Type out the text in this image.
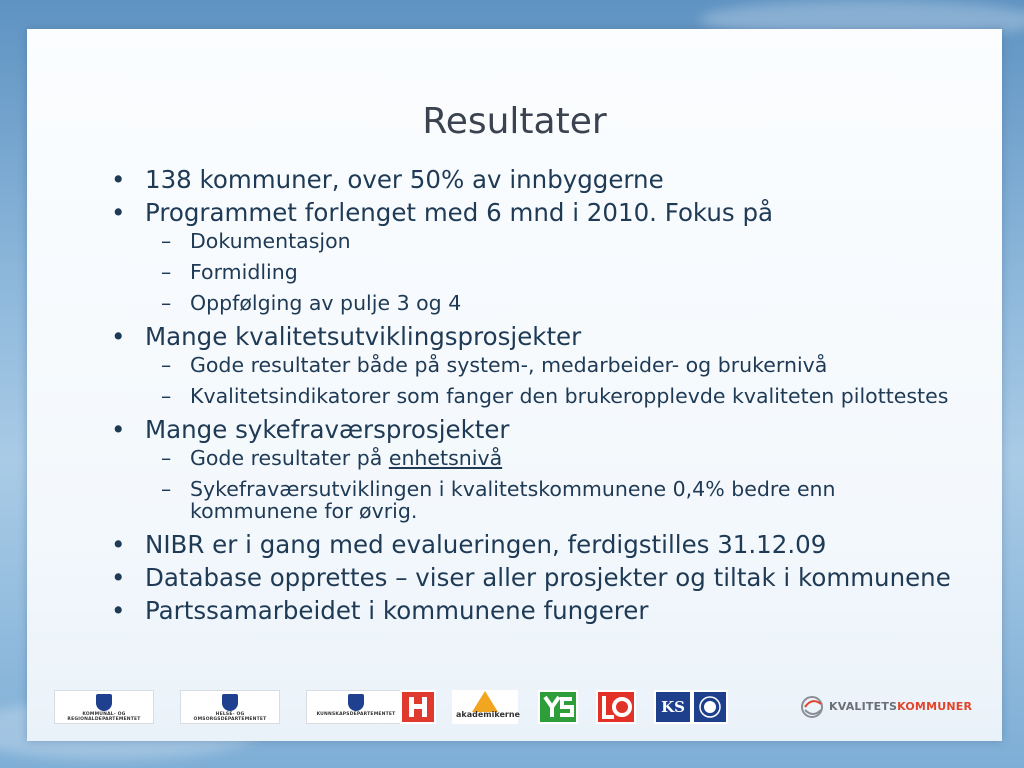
Resultater
• 138 kommuner, over 50% av innbyggerne
• Programmet forlenget med 6 mnd i 2010. Fokus på
– Dokumentasjon
– Formidling
– Oppfølging av pulje 3 og 4
• Mange kvalitetsutviklingsprosjekter
– Gode resultater både på system-, medarbeider- og brukernivå
– Kvalitetsindikatorer som fanger den brukeropplevde kvaliteten pilottestes
• Mange sykefraværsprosjekter
– Gode resultater på enhetsnivå
– Sykefraværsutviklingen i kvalitetskommunene 0,4% bedre enn kommunene for øvrig.
• NIBR er i gang med evalueringen, ferdigstilles 31.12.09
• Database opprettes – viser aller prosjekter og tiltak i kommunene
• Partssamarbeidet i kommunene fungerer
KOMMUNAL- OG REGIONALDEPARTEMENTET
HELSE- OG OMSORGSDEPARTEMENTET
KUNNSKAPSDEPARTEMENTET	akademikerne	KS	KVALITETSKOMMUNER
